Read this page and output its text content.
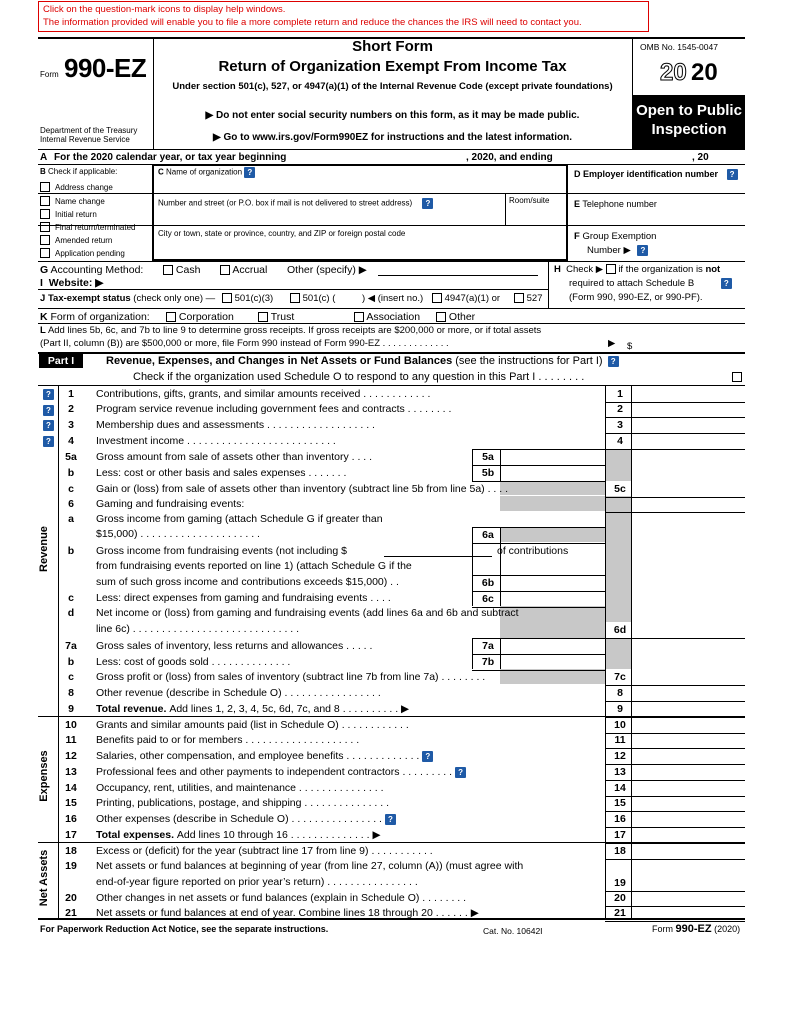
Click on the question-mark icons to display help windows.
The information provided will enable you to file a more complete return and reduce the chances the IRS will need to contact you.
Open to Public
Inspection
Form 990-EZ
Department of the Treasury
Internal Revenue Service
Short Form
Return of Organization Exempt From Income Tax
Under section 501(c), 527, or 4947(a)(1) of the Internal Revenue Code (except private foundations)
▶ Do not enter social security numbers on this form, as it may be made public.
▶ Go to www.irs.gov/Form990EZ for instructions and the latest information.
OMB No. 1545-0047
20 20
A For the 2020 calendar year, or tax year beginning	, 2020, and ending	, 20
B Check if applicable:
Address change
Name change
Initial return
Final return/terminated
Amended return
Application pending
C Name of organization ?
Number and street (or P.O. box if mail is not delivered to street address) ?	Room/suite
City or town, state or province, country, and ZIP or foreign postal code
D Employer identification number ?
E Telephone number
F Group Exemption
Number ▶ ?
G Accounting Method:	Cash	Accrual Other (specify) ▶	H Check ▶ if the organization is not
required to attach Schedule B	?
(Form 990, 990-EZ, or 990-PF).
I Website: ▶
J Tax-exempt status (check only one) —	501(c)(3)	501(c) (	) ◀ (insert no.)	4947(a)(1) or	527
K Form of organization:	Corporation	Trust	Association	Other
L Add lines 5b, 6c, and 7b to line 9 to determine gross receipts. If gross receipts are $200,000 or more, or if total assets
(Part II, column (B)) are $500,000 or more, file Form 990 instead of Form 990-EZ . . . . . . . . . . . . .	▶ $
Part I	Revenue, Expenses, and Changes in Net Assets or Fund Balances (see the instructions for Part I) ?
Check if the organization used Schedule O to respond to any question in this Part I . . . . . . . .
Revenue
Expenses
Net Assets
?
?
?
?
1	Contributions, gifts, grants, and similar amounts received . . . . . . . . . . . .	1
2	Program service revenue including government fees and contracts . . . . . . . .	2
3	Membership dues and assessments . . . . . . . . . . . . . . . . . . .	3
4	Investment income . . . . . . . . . . . . . . . . . . . . . . . . . .	4
5a	Gross amount from sale of assets other than inventory . . . .	5a
b	Less: cost or other basis and sales expenses . . . . . . .	5b
c	Gain or (loss) from sale of assets other than inventory (subtract line 5b from line 5a) . . . .	5c
6	Gaming and fundraising events:
a	Gross income from gaming (attach Schedule G if greater than
$15,000) . . . . . . . . . . . . . . . . . . . . .	6a
b	Gross income from fundraising events (not including $	of contributions
from fundraising events reported on line 1) (attach Schedule G if the
sum of such gross income and contributions exceeds $15,000) . .	6b
c	Less: direct expenses from gaming and fundraising events . . . .	6c
d	Net income or (loss) from gaming and fundraising events (add lines 6a and 6b and subtract
line 6c) . . . . . . . . . . . . . . . . . . . . . . . . . . . . .	6d
7a	Gross sales of inventory, less returns and allowances . . . . .	7a
b	Less: cost of goods sold . . . . . . . . . . . . . .	7b
c	Gross profit or (loss) from sales of inventory (subtract line 7b from line 7a) . . . . . . . .	7c
8	Other revenue (describe in Schedule O) . . . . . . . . . . . . . . . . .	8
9	Total revenue. Add lines 1, 2, 3, 4, 5c, 6d, 7c, and 8 . . . . . . . . . . ▶	9
10	Grants and similar amounts paid (list in Schedule O) . . . . . . . . . . . .	10
11	Benefits paid to or for members . . . . . . . . . . . . . . . . . . . .	11
12	Salaries, other compensation, and employee benefits . . . . . . . . . . . . . ?	12
13	Professional fees and other payments to independent contractors . . . . . . . . . ?	13
14	Occupancy, rent, utilities, and maintenance . . . . . . . . . . . . . . .	14
15	Printing, publications, postage, and shipping . . . . . . . . . . . . . . .	15
16	Other expenses (describe in Schedule O) . . . . . . . . . . . . . . . . ?	16
17	Total expenses. Add lines 10 through 16 . . . . . . . . . . . . . . ▶	17
18	Excess or (deficit) for the year (subtract line 17 from line 9) . . . . . . . . . . .	18
19	Net assets or fund balances at beginning of year (from line 27, column (A)) (must agree with
end-of-year figure reported on prior year’s return) . . . . . . . . . . . . . . . .	19
20	Other changes in net assets or fund balances (explain in Schedule O) . . . . . . . .	20
21	Net assets or fund balances at end of year. Combine lines 18 through 20 . . . . . . ▶	21
For Paperwork Reduction Act Notice, see the separate instructions.	Cat. No. 10642I	Form 990-EZ (2020)
